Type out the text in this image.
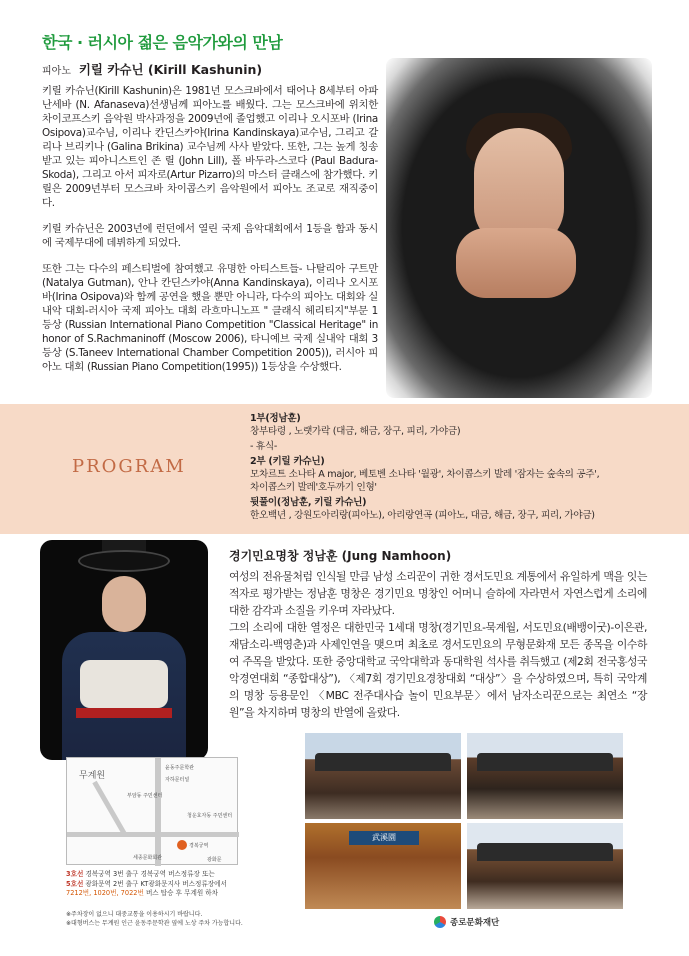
한국 · 러시아 젊은 음악가와의 만남
피아노 키릴 카슈닌 (Kirill Kashunin)

키릴 카슈닌(Kirill Kashunin)은 1981년 모스크바에서 태어나 8세부터 아파난세바 (N. Afanaseva)선생님께 피아노를 배웠다. 그는 모스크바에 위치한 차이코프스키 음악원 박사과정을 2009년에 졸업했고 이리나 오시포바 (Irina Osipova)교수님, 이리나 칸딘스카야(Irina Kandinskaya)교수님, 그리고 갈리나 브리키나 (Galina Brikina) 교수님께 사사 받았다. 또한, 그는 높게 칭송받고 있는 피아니스트인 존 릴 (John Lill), 폴 바두라-스코다 (Paul Badura-Skoda), 그리고 아서 피자로(Artur Pizarro)의 마스터 클래스에 참가했다. 키릴은 2009년부터 모스크바 차이콥스키 음악원에서 피아노 조교로 재직중이다.

키릴 카슈닌은 2003년에 런던에서 열린 국제 음악대회에서 1등을 함과 동시에 국제무대에 데뷔하게 되었다.

또한 그는 다수의 페스티벌에 참여했고 유명한 아티스트들- 나탈리아 구트만(Natalya Gutman), 안나 칸딘스카야(Anna Kandinskaya), 이리나 오시포바(Irina Osipova)와 함께 공연을 했을 뿐만 아니라, 다수의 피아노 대회와 실내악 대회-러시아 국제 피아노 대회 라흐마니노프 " 클래식 헤리티지"부문 1등상 (Russian International Piano Competition "Classical Heritage" in honor of S.Rachmaninoff (Moscow 2006), 타니예브 국제 실내악 대회 3등상 (S.Taneev International Chamber Competition 2005)), 러시아 피아노 대회 (Russian Piano Competition(1995)) 1등상을 수상했다.

PROGRAM
1부(정남훈)
창부타령 , 노랫가락 (대금, 해금, 장구, 피리, 가야금)
- 휴식-
2부 (키릴 카슈닌)
모차르트 소나타 A major, 베토벤 소나타 '월광', 차이콥스키 발레 '잠자는 숲속의 공주',
차이콥스키 발레'호두까기 인형'
뒷풀이(정남훈, 키릴 카슈닌)
한오백년 , 강원도아리랑(피아노), 아리랑연곡 (피아노, 대금, 해금, 장구, 피리, 가야금)
경기민요명창 정남훈 (Jung Namhoon)

여성의 전유물처럼 인식될 만큼 남성 소리꾼이 귀한 경서도민요 계통에서 유일하게 맥을 잇는 적자로 평가받는 정남훈 명창은 경기민요 명창인 어머니 슬하에 자라면서 자연스럽게 소리에 대한 감각과 소질을 키우며 자라났다.

그의 소리에 대한 열정은 대한민국 1세대 명창(경기민요-묵계월, 서도민요(배뱅이굿)-이은관, 재담소리-백영춘)과 사제인연을 맺으며 최초로 경서도민요의 무형문화재 모든 종목을 이수하여 주목을 받았다. 또한 중앙대학교 국악대학과 동대학원 석사를 취득했고 (제2회 전국홍성국악경연대회 “종합대상”), 〈제7회 경기민요경창대회 “대상”〉을 수상하였으며, 특히 국악계의 명창 등용문인 〈MBC 전주대사습 놀이 민요부문〉에서 남자소리꾼으로는 최연소 “장원”을 차지하며 명창의 반열에 올랐다.

무계원
윤동주문학관
자하문터널
부암동 주민센터
청운효자동 주민센터
경복궁역
세종문화회관	광화문
3호선 경복궁역 3번 출구 경복궁역 버스정류장 또는
5호선 광화문역 2번 출구 KT광화문지사 버스정류장에서
7212번, 1020번, 7022번 버스 탑승 후 무계원 하차
※주차장이 없으니 대중교통을 이용하시기 바랍니다.
※대형버스는 무계원 인근 윤동주문학관 옆에 노상 주차 가능합니다.
武溪園
종로문화재단
